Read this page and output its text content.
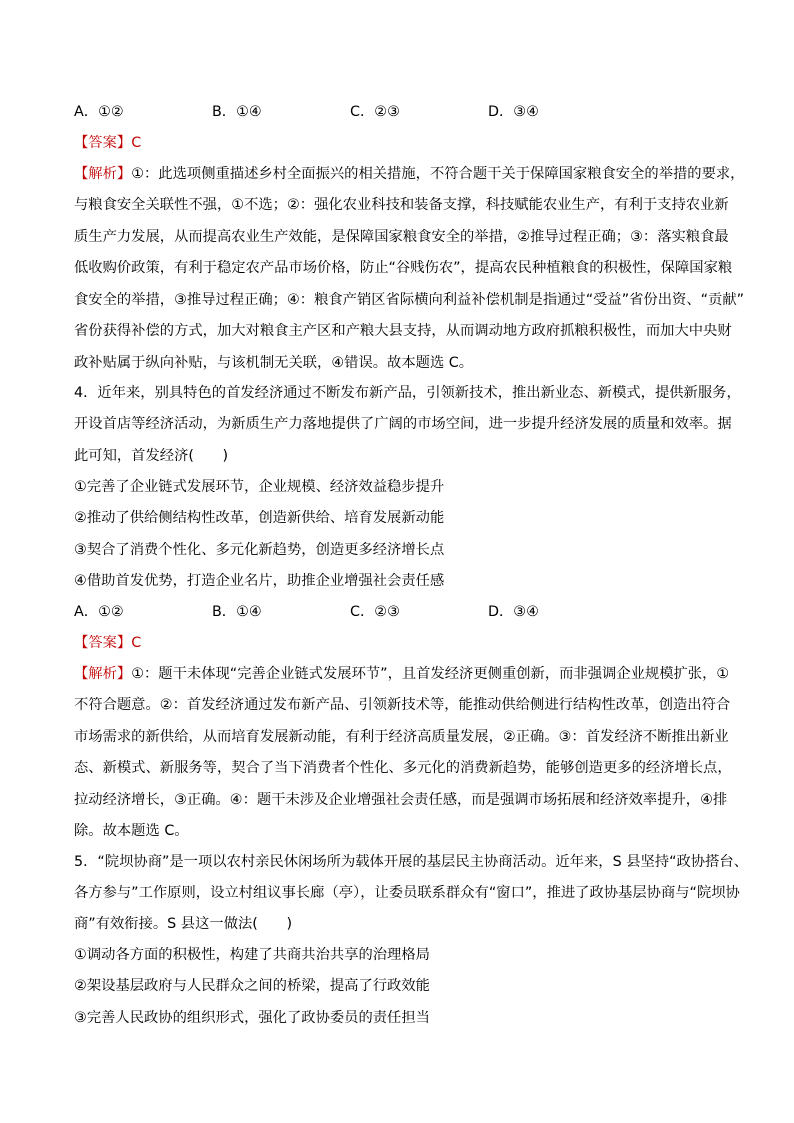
A．①②	B．①④	C．②③	D．③④
【答案】C
【解析】①：此选项侧重描述乡村全面振兴的相关措施，不符合题干关于保障国家粮食安全的举措的要求，
与粮食安全关联性不强，①不选；②：强化农业科技和装备支撑，科技赋能农业生产，有利于支持农业新
质生产力发展，从而提高农业生产效能，是保障国家粮食安全的举措，②推导过程正确；③：落实粮食最
低收购价政策，有利于稳定农产品市场价格，防止“谷贱伤农”，提高农民种植粮食的积极性，保障国家粮
食安全的举措，③推导过程正确；④：粮食产销区省际横向利益补偿机制是指通过“受益”省份出资、“贡献”
省份获得补偿的方式，加大对粮食主产区和产粮大县支持，从而调动地方政府抓粮积极性，而加大中央财
政补贴属于纵向补贴，与该机制无关联，④错误。故本题选 C。
4．近年来，别具特色的首发经济通过不断发布新产品，引领新技术，推出新业态、新模式，提供新服务，
开设首店等经济活动，为新质生产力落地提供了广阔的市场空间，进一步提升经济发展的质量和效率。据
此可知，首发经济(　　)
①完善了企业链式发展环节，企业规模、经济效益稳步提升
②推动了供给侧结构性改革，创造新供给、培育发展新动能
③契合了消费个性化、多元化新趋势，创造更多经济增长点
④借助首发优势，打造企业名片，助推企业增强社会责任感
A．①②	B．①④	C．②③	D．③④
【答案】C
【解析】①：题干未体现“完善企业链式发展环节”，且首发经济更侧重创新，而非强调企业规模扩张，①
不符合题意。②：首发经济通过发布新产品、引领新技术等，能推动供给侧进行结构性改革，创造出符合
市场需求的新供给，从而培育发展新动能，有利于经济高质量发展，②正确。③：首发经济不断推出新业
态、新模式、新服务等，契合了当下消费者个性化、多元化的消费新趋势，能够创造更多的经济增长点，
拉动经济增长，③正确。④：题干未涉及企业增强社会责任感，而是强调市场拓展和经济效率提升，④排
除。故本题选 C。
5．“院坝协商”是一项以农村亲民休闲场所为载体开展的基层民主协商活动。近年来，S 县坚持“政协搭台、
各方参与”工作原则，设立村组议事长廊（亭），让委员联系群众有“窗口”，推进了政协基层协商与“院坝协
商”有效衔接。S 县这一做法(　　)
①调动各方面的积极性，构建了共商共治共享的治理格局
②架设基层政府与人民群众之间的桥梁，提高了行政效能
③完善人民政协的组织形式，强化了政协委员的责任担当
